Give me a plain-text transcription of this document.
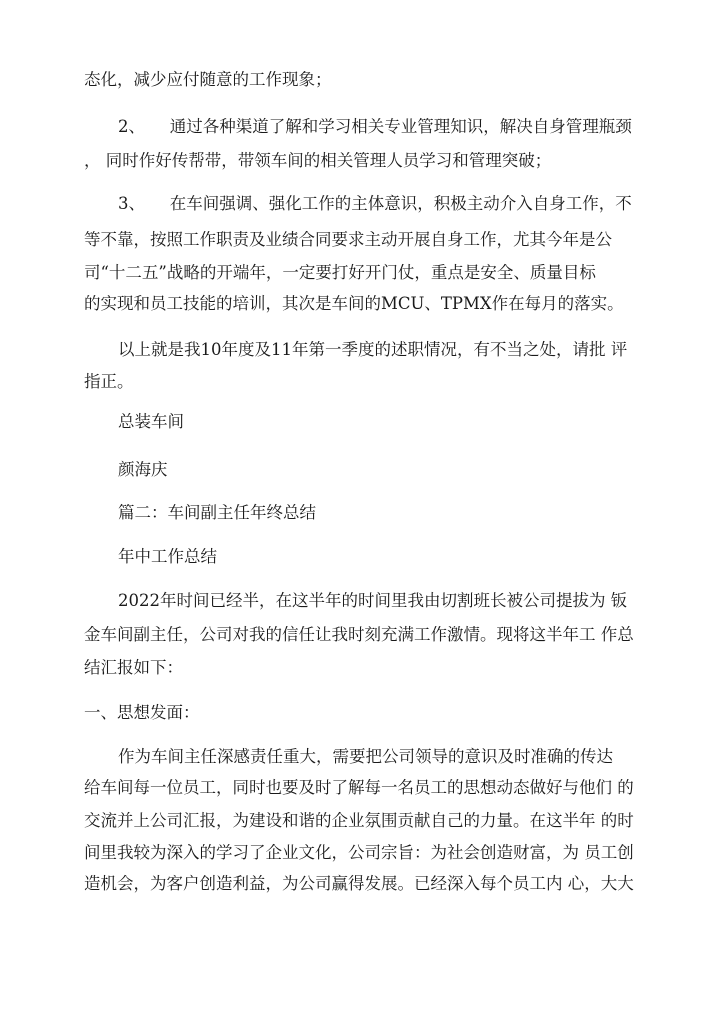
态化，减少应付随意的工作现象；
2、　　通过各种渠道了解和学习相关专业管理知识，解决自身管理瓶颈
， 同时作好传帮带，带领车间的相关管理人员学习和管理突破；
3、　　在车间强调、强化工作的主体意识，积极主动介入自身工作，不
等不靠，按照工作职责及业绩合同要求主动开展自身工作，尤其今年是公
司“十二五”战略的开端年，一定要打好开门仗，重点是安全、质量目标
的实现和员工技能的培训，其次是车间的MCU、TPMX作在每月的落实。
以上就是我10年度及11年第一季度的述职情况，有不当之处，请批 评
指正。
总装车间
颜海庆
篇二：车间副主任年终总结
年中工作总结
2022年时间已经半，在这半年的时间里我由切割班长被公司提拔为 钣
金车间副主任，公司对我的信任让我时刻充满工作激情。现将这半年工 作总
结汇报如下：
一、思想发面：
作为车间主任深感责任重大，需要把公司领导的意识及时准确的传达
给车间每一位员工，同时也要及时了解每一名员工的思想动态做好与他们 的
交流并上公司汇报，为建设和谐的企业氛围贡献自己的力量。在这半年 的时
间里我较为深入的学习了企业文化，公司宗旨：为社会创造财富，为 员工创
造机会，为客户创造利益，为公司赢得发展。已经深入每个员工内 心，大大
